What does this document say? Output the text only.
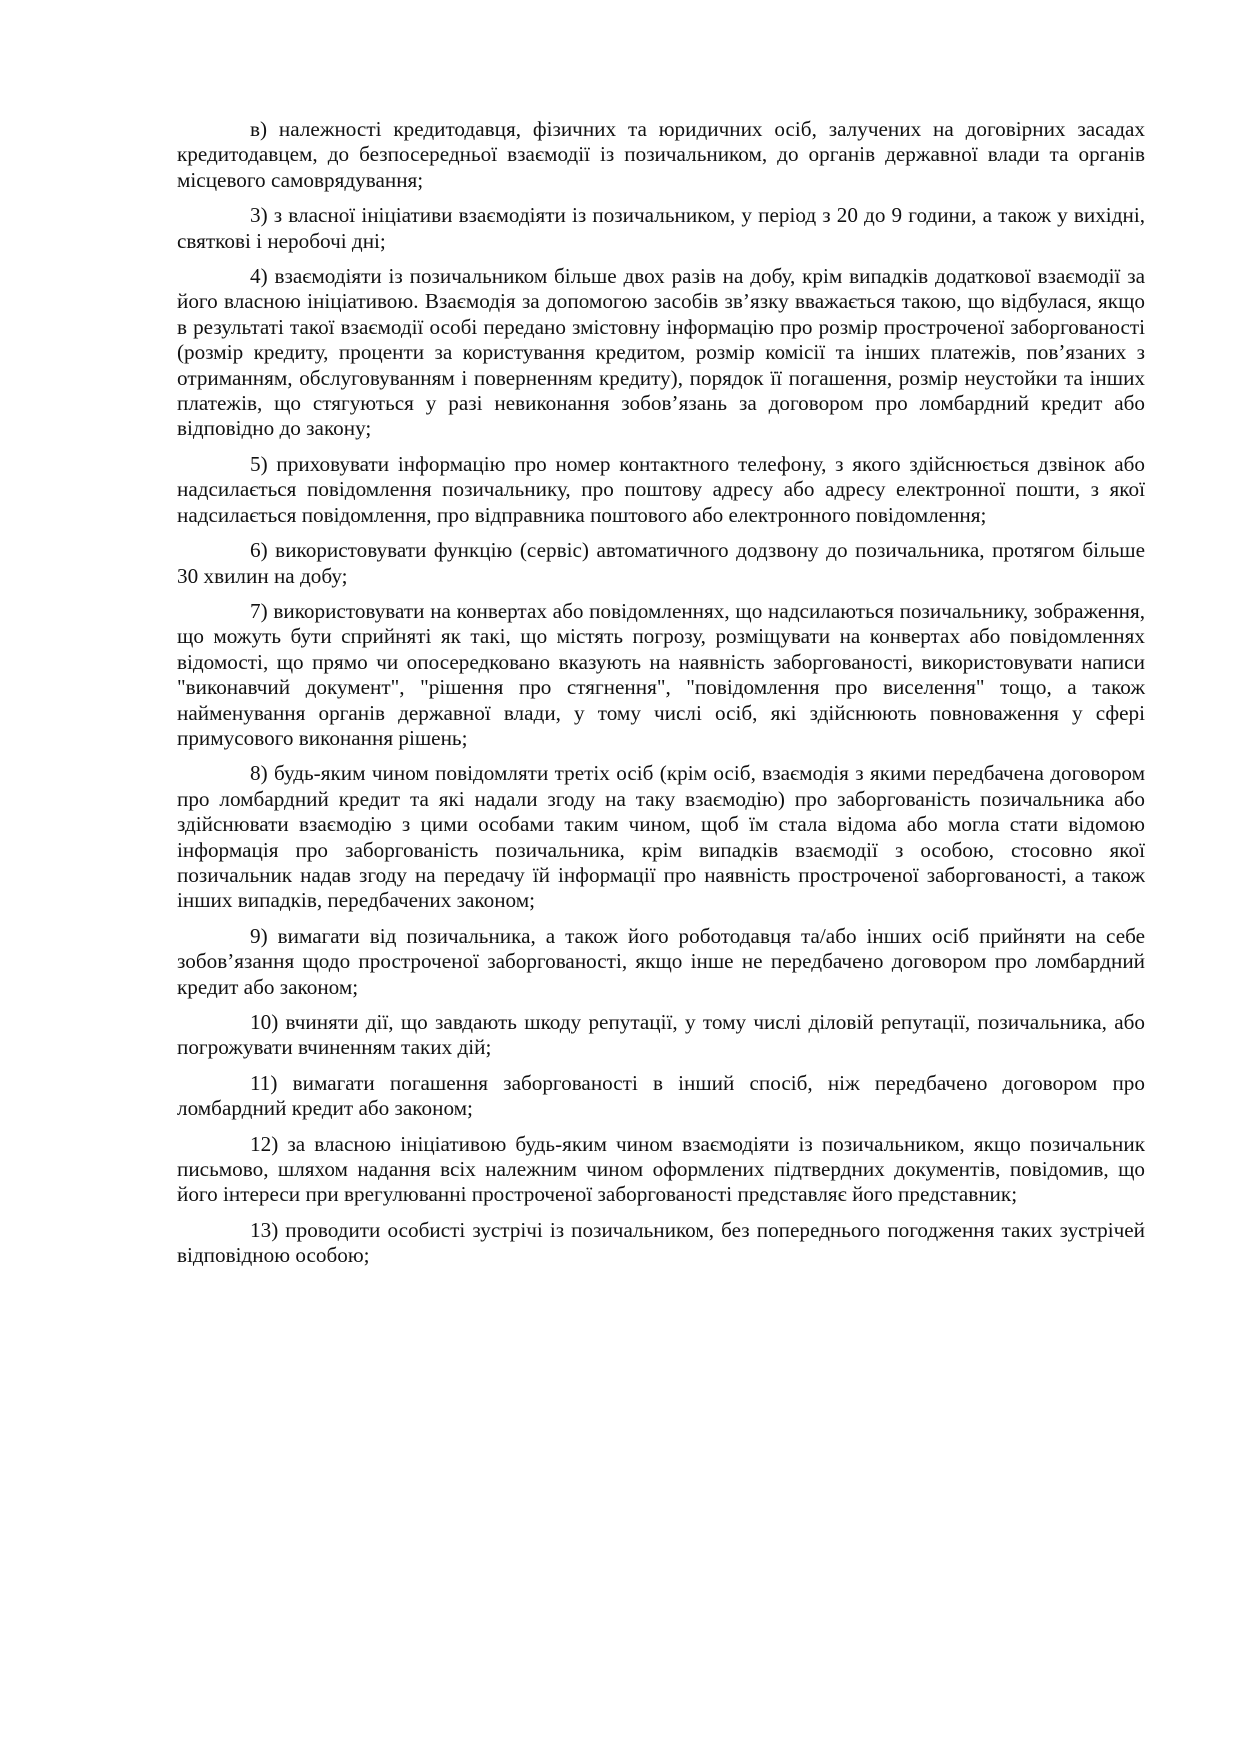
в) належності кредитодавця, фізичних та юридичних осіб, залучених на договірних засадах кредитодавцем, до безпосередньої взаємодії із позичальником, до органів державної влади та органів місцевого самоврядування;

3) з власної ініціативи взаємодіяти із позичальником, у період з 20 до 9 години, а також у вихідні, святкові і неробочі дні;

4) взаємодіяти із позичальником більше двох разів на добу, крім випадків додаткової взаємодії за його власною ініціативою. Взаємодія за допомогою засобів зв’язку вважається такою, що відбулася, якщо в результаті такої взаємодії особі передано змістовну інформацію про розмір простроченої заборгованості (розмір кредиту, проценти за користування кредитом, розмір комісії та інших платежів, пов’язаних з отриманням, обслуговуванням і поверненням кредиту), порядок її погашення, розмір неустойки та інших платежів, що стягуються у разі невиконання зобов’язань за договором про ломбардний кредит або відповідно до закону;

5) приховувати інформацію про номер контактного телефону, з якого здійснюється дзвінок або надсилається повідомлення позичальнику, про поштову адресу або адресу електронної пошти, з якої надсилається повідомлення, про відправника поштового або електронного повідомлення;

6) використовувати функцію (сервіс) автоматичного додзвону до позичальника, протягом більше 30 хвилин на добу;

7) використовувати на конвертах або повідомленнях, що надсилаються позичальнику, зображення, що можуть бути сприйняті як такі, що містять погрозу, розміщувати на конвертах або повідомленнях відомості, що прямо чи опосередковано вказують на наявність заборгованості, використовувати написи "виконавчий документ", "рішення про стягнення", "повідомлення про виселення" тощо, а також найменування органів державної влади, у тому числі осіб, які здійснюють повноваження у сфері примусового виконання рішень;

8) будь-яким чином повідомляти третіх осіб (крім осіб, взаємодія з якими передбачена договором про ломбардний кредит та які надали згоду на таку взаємодію) про заборгованість позичальника або здійснювати взаємодію з цими особами таким чином, щоб їм стала відома або могла стати відомою інформація про заборгованість позичальника, крім випадків взаємодії з особою, стосовно якої позичальник надав згоду на передачу їй інформації про наявність простроченої заборгованості, а також інших випадків, передбачених законом;

9) вимагати від позичальника, а також його роботодавця та/або інших осіб прийняти на себе зобов’язання щодо простроченої заборгованості, якщо інше не передбачено договором про ломбардний кредит або законом;

10) вчиняти дії, що завдають шкоду репутації, у тому числі діловій репутації, позичальника, або погрожувати вчиненням таких дій;

11) вимагати погашення заборгованості в інший спосіб, ніж передбачено договором про ломбардний кредит або законом;

12) за власною ініціативою будь-яким чином взаємодіяти із позичальником, якщо позичальник письмово, шляхом надання всіх належним чином оформлених підтвердних документів, повідомив, що його інтереси при врегулюванні простроченої заборгованості представляє його представник;

13) проводити особисті зустрічі із позичальником, без попереднього погодження таких зустрічей відповідною особою;
